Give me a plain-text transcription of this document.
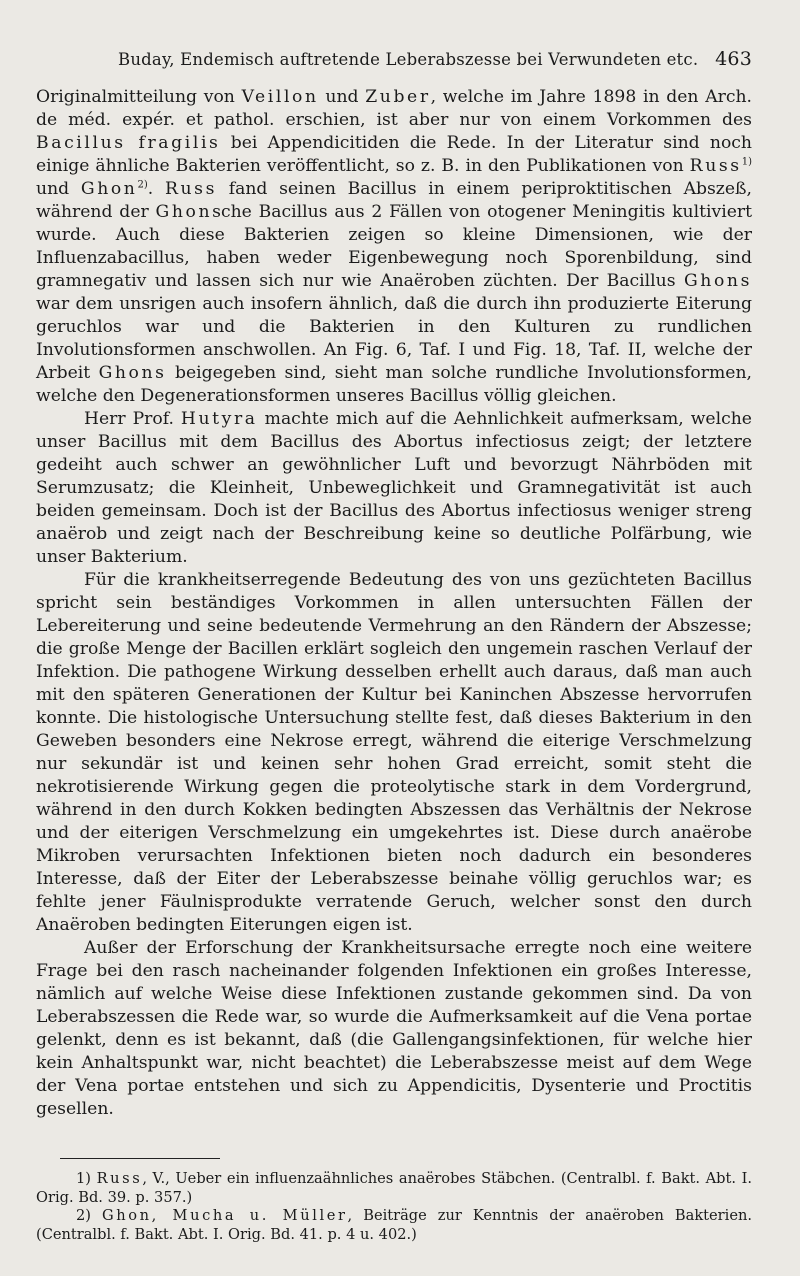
Buday, Endemisch auftretende Leberabszesse bei Verwundeten etc. 463

Originalmitteilung von Veillon und Zuber, welche im Jahre 1898 in den Arch. de méd. expér. et pathol. erschien, ist aber nur von einem Vorkommen des Bacillus fragilis bei Appendicitiden die Rede. In der Literatur sind noch einige ähnliche Bakterien veröffentlicht, so z. B. in den Publikationen von Russ$^{1)}$ und Ghon$^{2)}$. Russ fand seinen Bacillus in einem periproktitischen Abszeß, während der Ghonsche Bacillus aus 2 Fällen von otogener Meningitis kultiviert wurde. Auch diese Bakterien zeigen so kleine Dimensionen, wie der Influenzabacillus, haben weder Eigenbewegung noch Sporenbildung, sind gramnegativ und lassen sich nur wie Anaëroben züchten. Der Bacillus Ghons war dem unsrigen auch insofern ähnlich, daß die durch ihn produzierte Eiterung geruchlos war und die Bakterien in den Kulturen zu rundlichen Involutionsformen anschwollen. An Fig. 6, Taf. I und Fig. 18, Taf. II, welche der Arbeit Ghons beigegeben sind, sieht man solche rundliche Involutionsformen, welche den Degenerationsformen unseres Bacillus völlig gleichen.

Herr Prof. Hutyra machte mich auf die Aehnlichkeit aufmerksam, welche unser Bacillus mit dem Bacillus des Abortus infectiosus zeigt; der letztere gedeiht auch schwer an gewöhnlicher Luft und bevorzugt Nährböden mit Serumzusatz; die Kleinheit, Unbeweglichkeit und Gramnegativität ist auch beiden gemeinsam. Doch ist der Bacillus des Abortus infectiosus weniger streng anaërob und zeigt nach der Beschreibung keine so deutliche Polfärbung, wie unser Bakterium.

Für die krankheitserregende Bedeutung des von uns gezüchteten Bacillus spricht sein beständiges Vorkommen in allen untersuchten Fällen der Lebereiterung und seine bedeutende Vermehrung an den Rändern der Abszesse; die große Menge der Bacillen erklärt sogleich den ungemein raschen Verlauf der Infektion. Die pathogene Wirkung desselben erhellt auch daraus, daß man auch mit den späteren Generationen der Kultur bei Kaninchen Abszesse hervorrufen konnte. Die histologische Untersuchung stellte fest, daß dieses Bakterium in den Geweben besonders eine Nekrose erregt, während die eiterige Verschmelzung nur sekundär ist und keinen sehr hohen Grad erreicht, somit steht die nekrotisierende Wirkung gegen die proteolytische stark in dem Vordergrund, während in den durch Kokken bedingten Abszessen das Verhältnis der Nekrose und der eiterigen Verschmelzung ein umgekehrtes ist. Diese durch anaërobe Mikroben verursachten Infektionen bieten noch dadurch ein besonderes Interesse, daß der Eiter der Leberabszesse beinahe völlig geruchlos war; es fehlte jener Fäulnisprodukte verratende Geruch, welcher sonst den durch Anaëroben bedingten Eiterungen eigen ist.

Außer der Erforschung der Krankheitsursache erregte noch eine weitere Frage bei den rasch nacheinander folgenden Infektionen ein großes Interesse, nämlich auf welche Weise diese Infektionen zustande gekommen sind. Da von Leberabszessen die Rede war, so wurde die Aufmerksamkeit auf die Vena portae gelenkt, denn es ist bekannt, daß (die Gallengangsinfektionen, für welche hier kein Anhaltspunkt war, nicht beachtet) die Leberabszesse meist auf dem Wege der Vena portae entstehen und sich zu Appendicitis, Dysenterie und Proctitis gesellen.

1) Russ, V., Ueber ein influenzaähnliches anaërobes Stäbchen. (Centralbl. f. Bakt. Abt. I. Orig. Bd. 39. p. 357.)

2) Ghon, Mucha u. Müller, Beiträge zur Kenntnis der anaëroben Bakterien. (Centralbl. f. Bakt. Abt. I. Orig. Bd. 41. p. 4 u. 402.)
